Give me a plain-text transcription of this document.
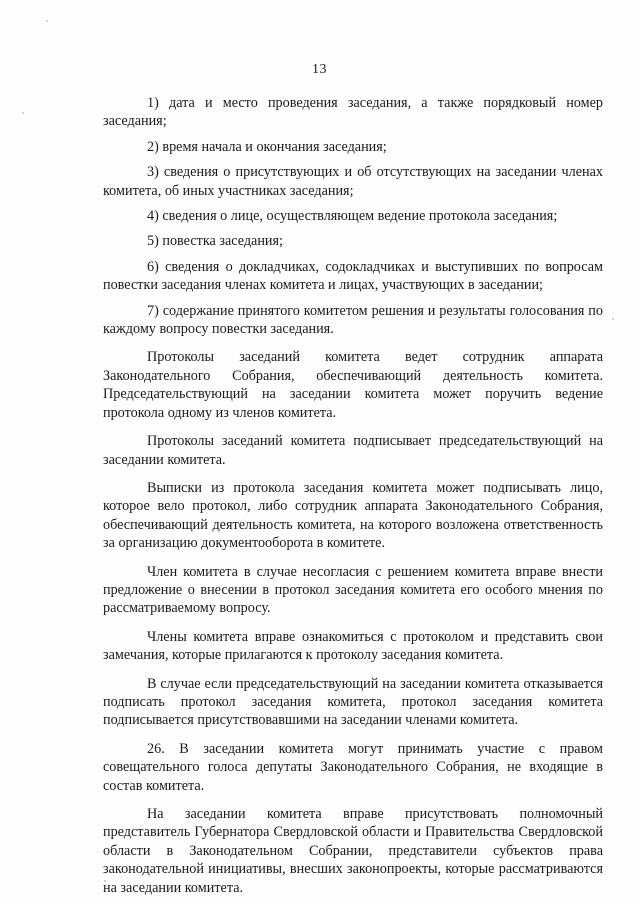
13

1) дата и место проведения заседания, а также порядковый номер заседания;

2) время начала и окончания заседания;

3) сведения о присутствующих и об отсутствующих на заседании членах комитета, об иных участниках заседания;

4) сведения о лице, осуществляющем ведение протокола заседания;

5) повестка заседания;

6) сведения о докладчиках, содокладчиках и выступивших по вопросам повестки заседания членах комитета и лицах, участвующих в заседании;

7) содержание принятого комитетом решения и результаты голосования по каждому вопросу повестки заседания.

Протоколы заседаний комитета ведет сотрудник аппарата Законодательного Собрания, обеспечивающий деятельность комитета. Председательствующий на заседании комитета может поручить ведение протокола одному из членов комитета.

Протоколы заседаний комитета подписывает председательствующий на заседании комитета.

Выписки из протокола заседания комитета может подписывать лицо, которое вело протокол, либо сотрудник аппарата Законодательного Собрания, обеспечивающий деятельность комитета, на которого возложена ответственность за организацию документооборота в комитете.

Член комитета в случае несогласия с решением комитета вправе внести предложение о внесении в протокол заседания комитета его особого мнения по рассматриваемому вопросу.

Члены комитета вправе ознакомиться с протоколом и представить свои замечания, которые прилагаются к протоколу заседания комитета.

В случае если председательствующий на заседании комитета отказывается подписать протокол заседания комитета, протокол заседания комитета подписывается присутствовавшими на заседании членами комитета.

26. В заседании комитета могут принимать участие с правом совещательного голоса депутаты Законодательного Собрания, не входящие в состав комитета.

На заседании комитета вправе присутствовать полномочный представитель Губернатора Свердловской области и Правительства Свердловской области в Законодательном Собрании, представители субъектов права законодательной инициативы, внесших законопроекты, которые рассматриваются на заседании комитета.
